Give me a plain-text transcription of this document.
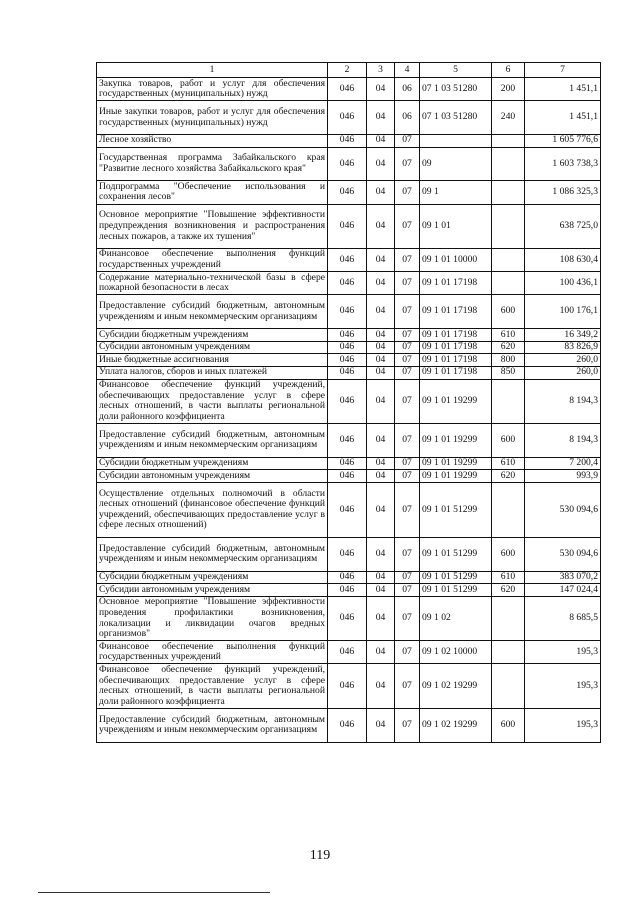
1	2	3	4	5	6	7
Закупка товаров, работ и услуг для обеспечения государственных (муниципальных) нужд	046	04	06	07 1 03 51280	200	1 451,1
Иные закупки товаров, работ и услуг для обеспечения государственных (муниципальных) нужд	046	04	06	07 1 03 51280	240	1 451,1
Лесное хозяйство	046	04	07			1 605 776,6
Государственная программа Забайкальского края "Развитие лесного хозяйства Забайкальского края"	046	04	07	09		1 603 738,3
Подпрограмма "Обеспечение использования и сохранения лесов"	046	04	07	09 1		1 086 325,3
Основное мероприятие "Повышение эффективности предупреждения возникновения и распространения лесных пожаров, а также их тушения"	046	04	07	09 1 01		638 725,0
Финансовое обеспечение выполнения функций государственных учреждений	046	04	07	09 1 01 10000		108 630,4
Содержание материально-технической базы в сфере пожарной безопасности в лесах	046	04	07	09 1 01 17198		100 436,1
Предоставление субсидий бюджетным, автономным учреждениям и иным некоммерческим организациям	046	04	07	09 1 01 17198	600	100 176,1
Субсидии бюджетным учреждениям	046	04	07	09 1 01 17198	610	16 349,2
Субсидии автономным учреждениям	046	04	07	09 1 01 17198	620	83 826,9
Иные бюджетные ассигнования	046	04	07	09 1 01 17198	800	260,0
Уплата налогов, сборов и иных платежей	046	04	07	09 1 01 17198	850	260,0
Финансовое обеспечение функций учреждений, обеспечивающих предоставление услуг в сфере лесных отношений, в части выплаты региональной доли районного коэффициента	046	04	07	09 1 01 19299		8 194,3
Предоставление субсидий бюджетным, автономным учреждениям и иным некоммерческим организациям	046	04	07	09 1 01 19299	600	8 194,3
Субсидии бюджетным учреждениям	046	04	07	09 1 01 19299	610	7 200,4
Субсидии автономным учреждениям	046	04	07	09 1 01 19299	620	993,9
Осуществление отдельных полномочий в области лесных отношений (финансовое обеспечение функций учреждений, обеспечивающих предоставление услуг в сфере лесных отношений)	046	04	07	09 1 01 51299		530 094,6
Предоставление субсидий бюджетным, автономным учреждениям и иным некоммерческим организациям	046	04	07	09 1 01 51299	600	530 094,6
Субсидии бюджетным учреждениям	046	04	07	09 1 01 51299	610	383 070,2
Субсидии автономным учреждениям	046	04	07	09 1 01 51299	620	147 024,4
Основное мероприятие "Повышение эффективности проведения профилактики возникновения, локализации и ликвидации очагов вредных организмов"	046	04	07	09 1 02		8 685,5
Финансовое обеспечение выполнения функций государственных учреждений	046	04	07	09 1 02 10000		195,3
Финансовое обеспечение функций учреждений, обеспечивающих предоставление услуг в сфере лесных отношений, в части выплаты региональной доли районного коэффициента	046	04	07	09 1 02 19299		195,3
Предоставление субсидий бюджетным, автономным учреждениям и иным некоммерческим организациям	046	04	07	09 1 02 19299	600	195,3
119
